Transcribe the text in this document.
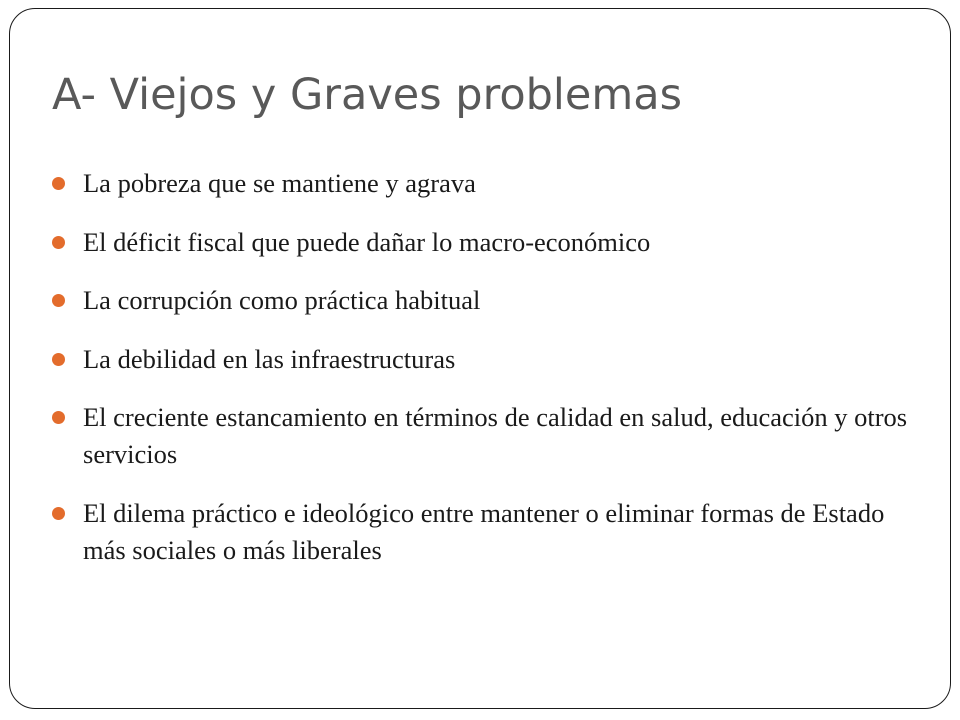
A- Viejos y Graves problemas
La pobreza que se mantiene y agrava
El déficit fiscal que puede dañar lo macro-económico
La corrupción como práctica habitual
La debilidad en las infraestructuras
El creciente estancamiento en términos de calidad en salud, educación y otros servicios
El dilema práctico e ideológico entre mantener o eliminar formas de Estado más sociales o más liberales
